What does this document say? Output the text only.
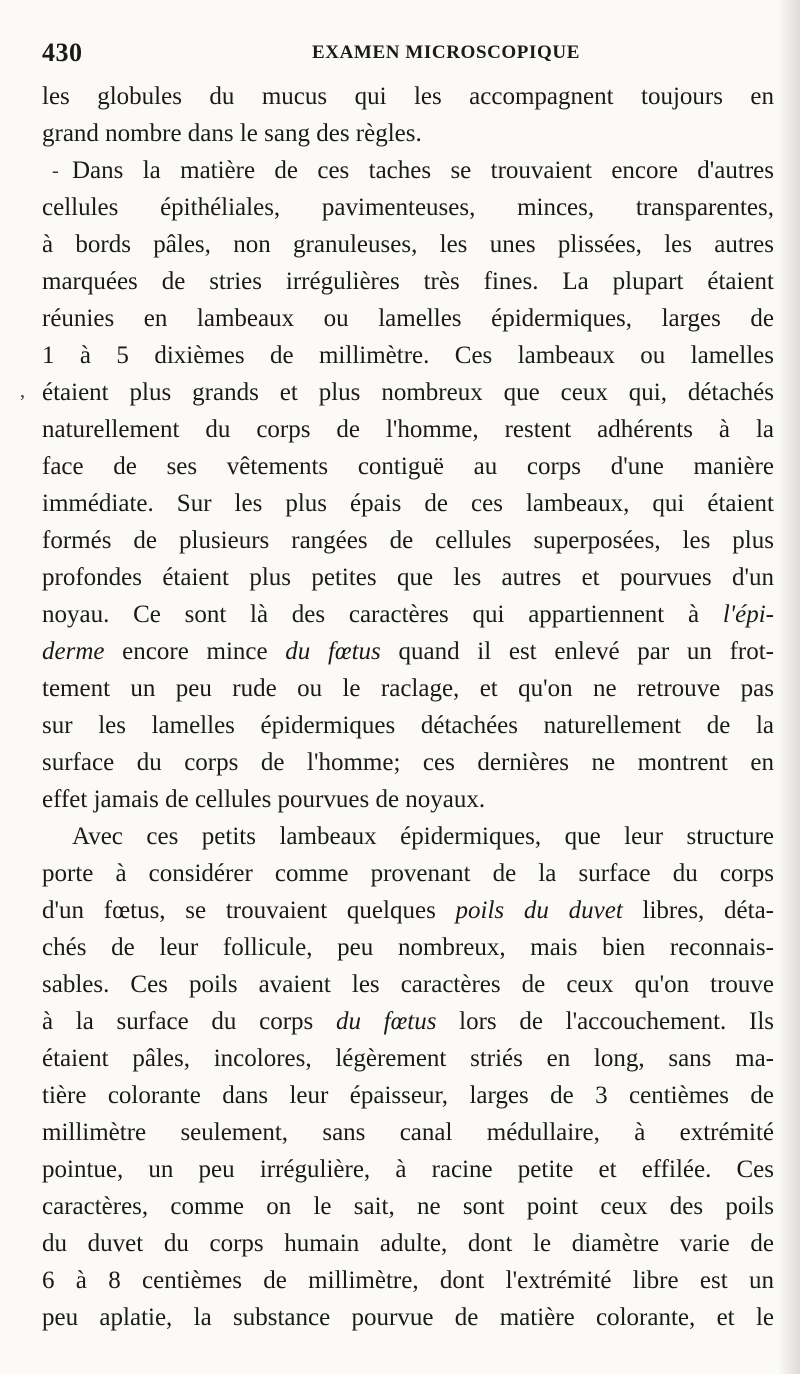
430	EXAMEN MICROSCOPIQUE
-
,
les globules du mucus qui les accompagnent toujours en
grand nombre dans le sang des règles.
Dans la matière de ces taches se trouvaient encore d'autres
cellules épithéliales, pavimenteuses, minces, transparentes,
à bords pâles, non granuleuses, les unes plissées, les autres
marquées de stries irrégulières très fines. La plupart étaient
réunies en lambeaux ou lamelles épidermiques, larges de
1 à 5 dixièmes de millimètre. Ces lambeaux ou lamelles
étaient plus grands et plus nombreux que ceux qui, détachés
naturellement du corps de l'homme, restent adhérents à la
face de ses vêtements contiguë au corps d'une manière
immédiate. Sur les plus épais de ces lambeaux, qui étaient
formés de plusieurs rangées de cellules superposées, les plus
profondes étaient plus petites que les autres et pourvues d'un
noyau. Ce sont là des caractères qui appartiennent à l'épi-
derme encore mince du fœtus quand il est enlevé par un frot-
tement un peu rude ou le raclage, et qu'on ne retrouve pas
sur les lamelles épidermiques détachées naturellement de la
surface du corps de l'homme; ces dernières ne montrent en
effet jamais de cellules pourvues de noyaux.
Avec ces petits lambeaux épidermiques, que leur structure
porte à considérer comme provenant de la surface du corps
d'un fœtus, se trouvaient quelques poils du duvet libres, déta-
chés de leur follicule, peu nombreux, mais bien reconnais-
sables. Ces poils avaient les caractères de ceux qu'on trouve
à la surface du corps du fœtus lors de l'accouchement. Ils
étaient pâles, incolores, légèrement striés en long, sans ma-
tière colorante dans leur épaisseur, larges de 3 centièmes de
millimètre seulement, sans canal médullaire, à extrémité
pointue, un peu irrégulière, à racine petite et effilée. Ces
caractères, comme on le sait, ne sont point ceux des poils
du duvet du corps humain adulte, dont le diamètre varie de
6 à 8 centièmes de millimètre, dont l'extrémité libre est un
peu aplatie, la substance pourvue de matière colorante, et le
